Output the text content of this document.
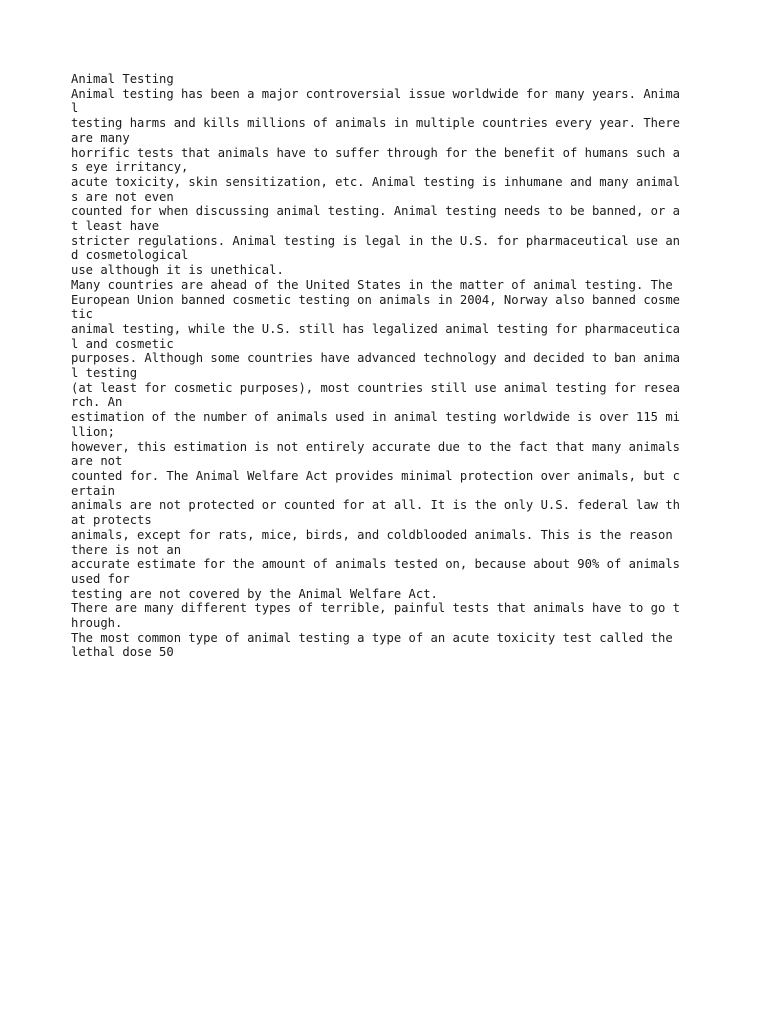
Animal Testing
Animal testing has been a major controversial issue worldwide for many years. Anima
l
testing harms and kills millions of animals in multiple countries every year. There
are many
horrific tests that animals have to suffer through for the benefit of humans such a
s eye irritancy,
acute toxicity, skin sensitization, etc. Animal testing is inhumane and many animal
s are not even
counted for when discussing animal testing. Animal testing needs to be banned, or a
t least have
stricter regulations. Animal testing is legal in the U.S. for pharmaceutical use an
d cosmetological
use although it is unethical.
Many countries are ahead of the United States in the matter of animal testing. The
European Union banned cosmetic testing on animals in 2004, Norway also banned cosme
tic
animal testing, while the U.S. still has legalized animal testing for pharmaceutica
l and cosmetic
purposes. Although some countries have advanced technology and decided to ban anima
l testing
(at least for cosmetic purposes), most countries still use animal testing for resea
rch. An
estimation of the number of animals used in animal testing worldwide is over 115 mi
llion;
however, this estimation is not entirely accurate due to the fact that many animals
are not
counted for. The Animal Welfare Act provides minimal protection over animals, but c
ertain
animals are not protected or counted for at all. It is the only U.S. federal law th
at protects
animals, except for rats, mice, birds, and coldblooded animals. This is the reason
there is not an
accurate estimate for the amount of animals tested on, because about 90% of animals
used for
testing are not covered by the Animal Welfare Act.
There are many different types of terrible, painful tests that animals have to go t
hrough.
The most common type of animal testing a type of an acute toxicity test called the
lethal dose 50
